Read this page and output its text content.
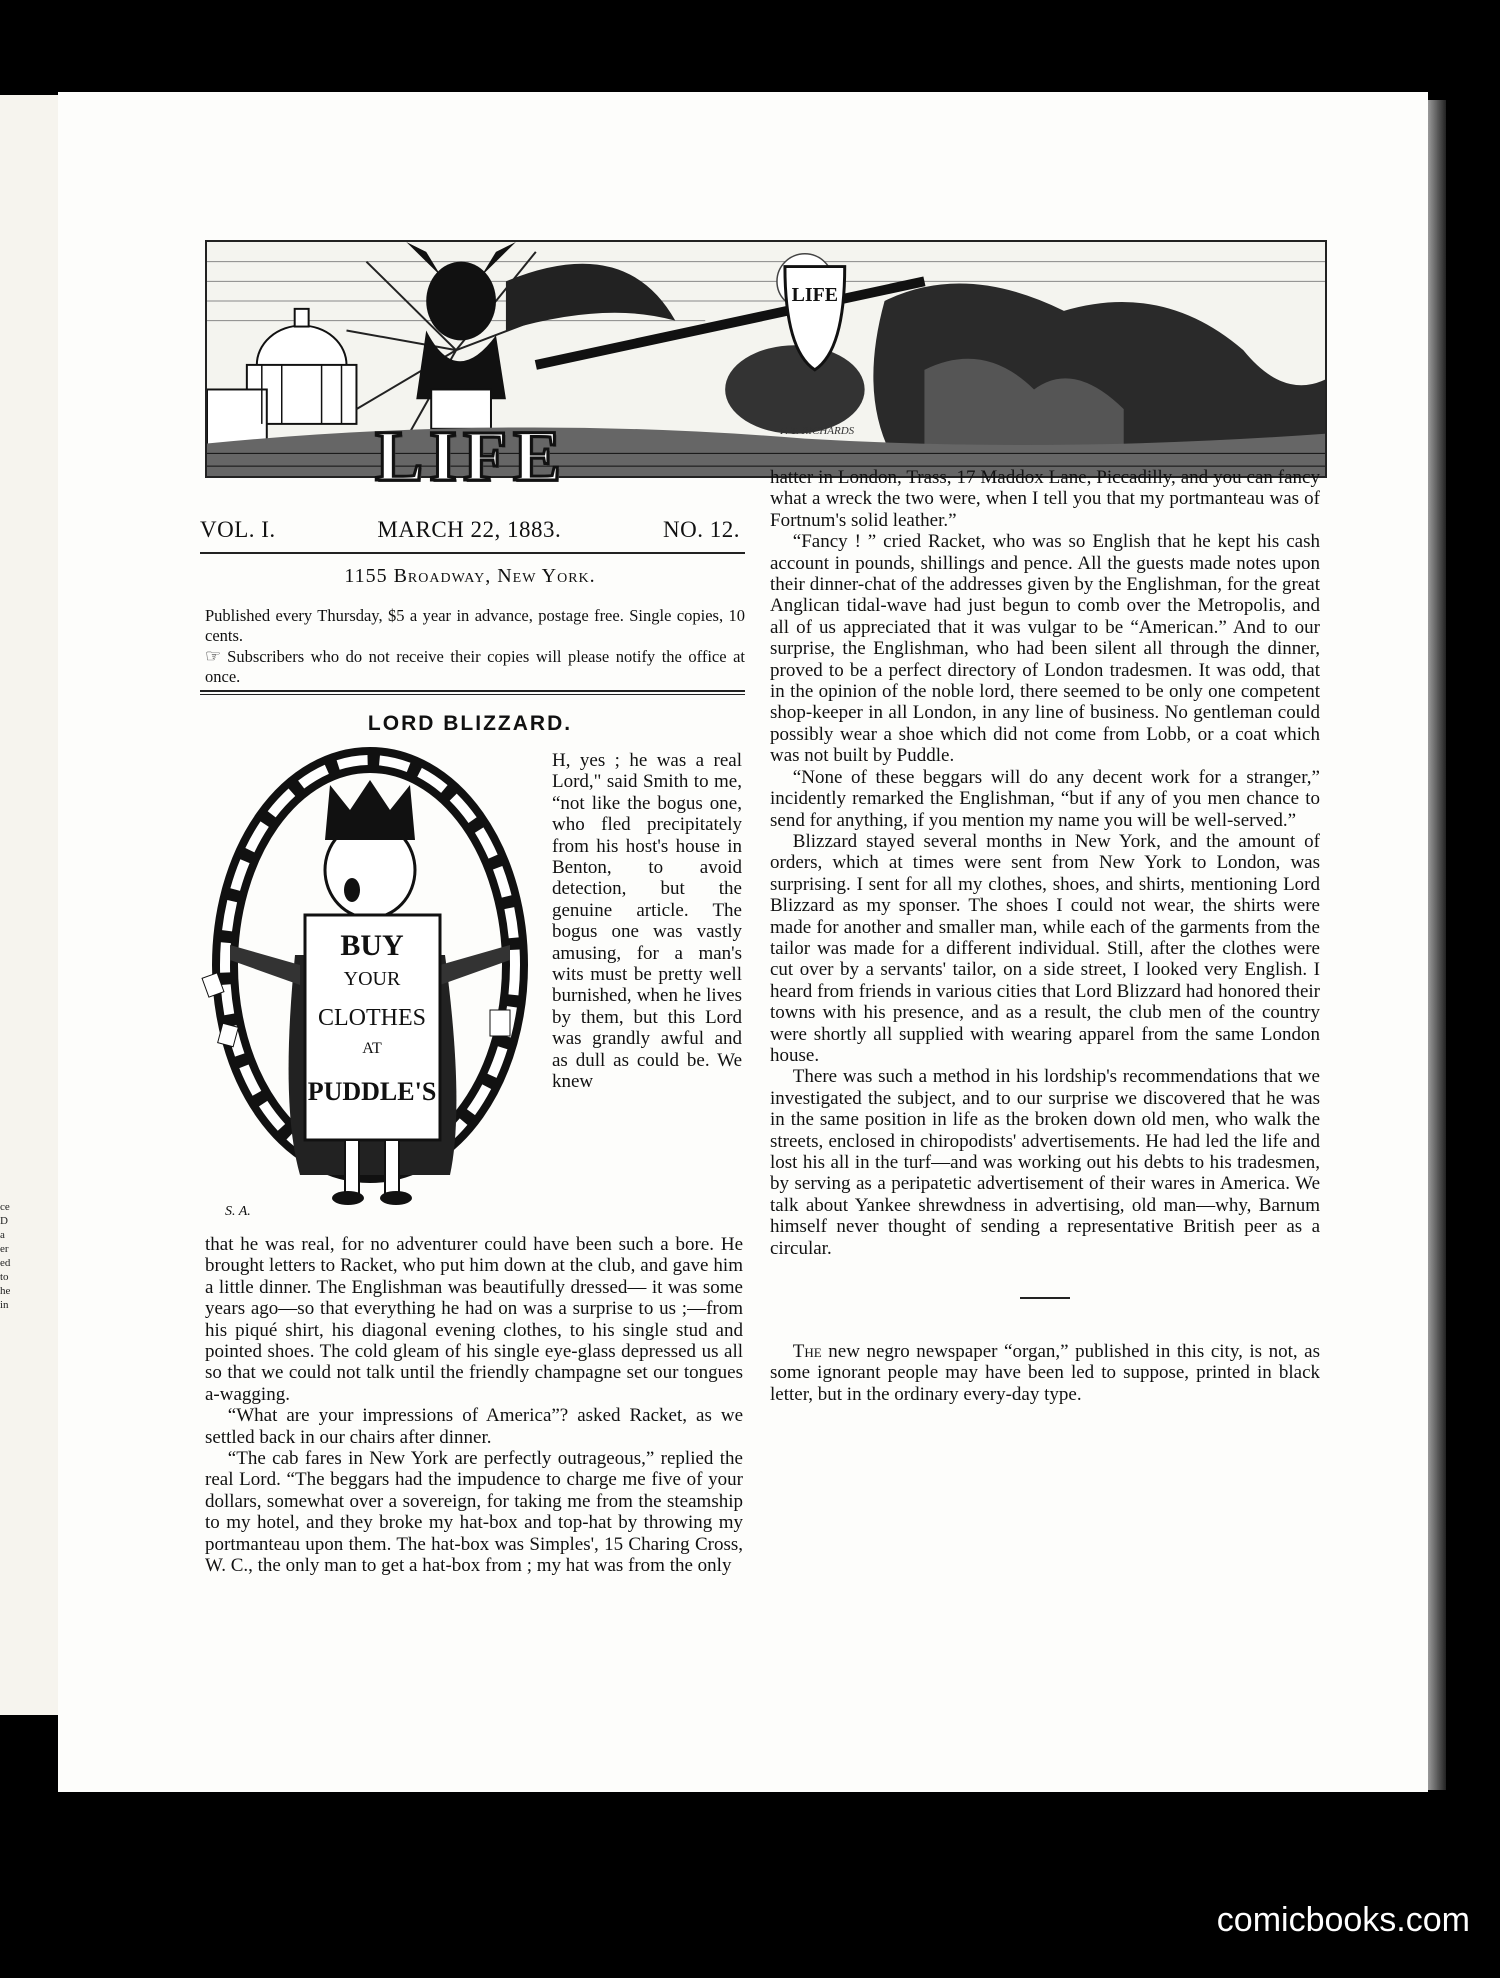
ce
D
a
er
ed
to
he
in
LIFE
LIFE	F. T. RICHARDS
VOL. I.	MARCH 22, 1883.	NO. 12.
1155 Broadway, New York.
Published every Thursday, $5 a year in advance, postage free. Single copies, 10 cents.
☞ Subscribers who do not receive their copies will please notify the office at once.
LORD BLIZZARD.
BUY
YOUR
CLOTHES
AT
PUDDLE'S
S. A.

H, yes ; he was a real Lord," said Smith to me, “not like the bogus one, who fled precipitately from his host's house in Benton, to avoid detection, but the genuine article. The bogus one was vastly amusing, for a man's wits must be pretty well burnished, when he lives by them, but this Lord was grandly awful and as dull as could be. We knew

that he was real, for no adventurer could have been such a bore. He brought letters to Racket, who put him down at the club, and gave him a little dinner. The Englishman was beautifully dressed— it was some years ago—so that everything he had on was a surprise to us ;—from his piqué shirt, his diagonal evening clothes, to his single stud and pointed shoes. The cold gleam of his single eye-glass depressed us all so that we could not talk until the friendly champagne set our tongues a-wagging.

“What are your impressions of America”? asked Racket, as we settled back in our chairs after dinner.

“The cab fares in New York are perfectly outrageous,” replied the real Lord. “The beggars had the impudence to charge me five of your dollars, somewhat over a sovereign, for taking me from the steamship to my hotel, and they broke my hat-box and top-hat by throwing my portmanteau upon them. The hat-box was Simples', 15 Charing Cross, W. C., the only man to get a hat-box from ; my hat was from the only

hatter in London, Trass, 17 Maddox Lane, Piccadilly, and you can fancy what a wreck the two were, when I tell you that my portmanteau was of Fortnum's solid leather.”

“Fancy ! ” cried Racket, who was so English that he kept his cash account in pounds, shillings and pence. All the guests made notes upon their dinner-chat of the addresses given by the Englishman, for the great Anglican tidal-wave had just begun to comb over the Metropolis, and all of us appreciated that it was vulgar to be “American.” And to our surprise, the Englishman, who had been silent all through the dinner, proved to be a perfect directory of London tradesmen. It was odd, that in the opinion of the noble lord, there seemed to be only one competent shop-keeper in all London, in any line of business. No gentleman could possibly wear a shoe which did not come from Lobb, or a coat which was not built by Puddle.

“None of these beggars will do any decent work for a stranger,” incidently remarked the Englishman, “but if any of you men chance to send for anything, if you mention my name you will be well-served.”

Blizzard stayed several months in New York, and the amount of orders, which at times were sent from New York to London, was surprising. I sent for all my clothes, shoes, and shirts, mentioning Lord Blizzard as my sponser. The shoes I could not wear, the shirts were made for another and smaller man, while each of the garments from the tailor was made for a different individual. Still, after the clothes were cut over by a servants' tailor, on a side street, I looked very English. I heard from friends in various cities that Lord Blizzard had honored their towns with his presence, and as a result, the club men of the country were shortly all supplied with wearing apparel from the same London house.

There was such a method in his lordship's recommendations that we investigated the subject, and to our surprise we discovered that he was in the same position in life as the broken down old men, who walk the streets, enclosed in chiropodists' advertisements. He had led the life and lost his all in the turf—and was working out his debts to his tradesmen, by serving as a peripatetic advertisement of their wares in America. We talk about Yankee shrewdness in advertising, old man—why, Barnum himself never thought of sending a representative British peer as a circular.

The new negro newspaper “organ,” published in this city, is not, as some ignorant people may have been led to suppose, printed in black letter, but in the ordinary every-day type.

comicbooks.com
